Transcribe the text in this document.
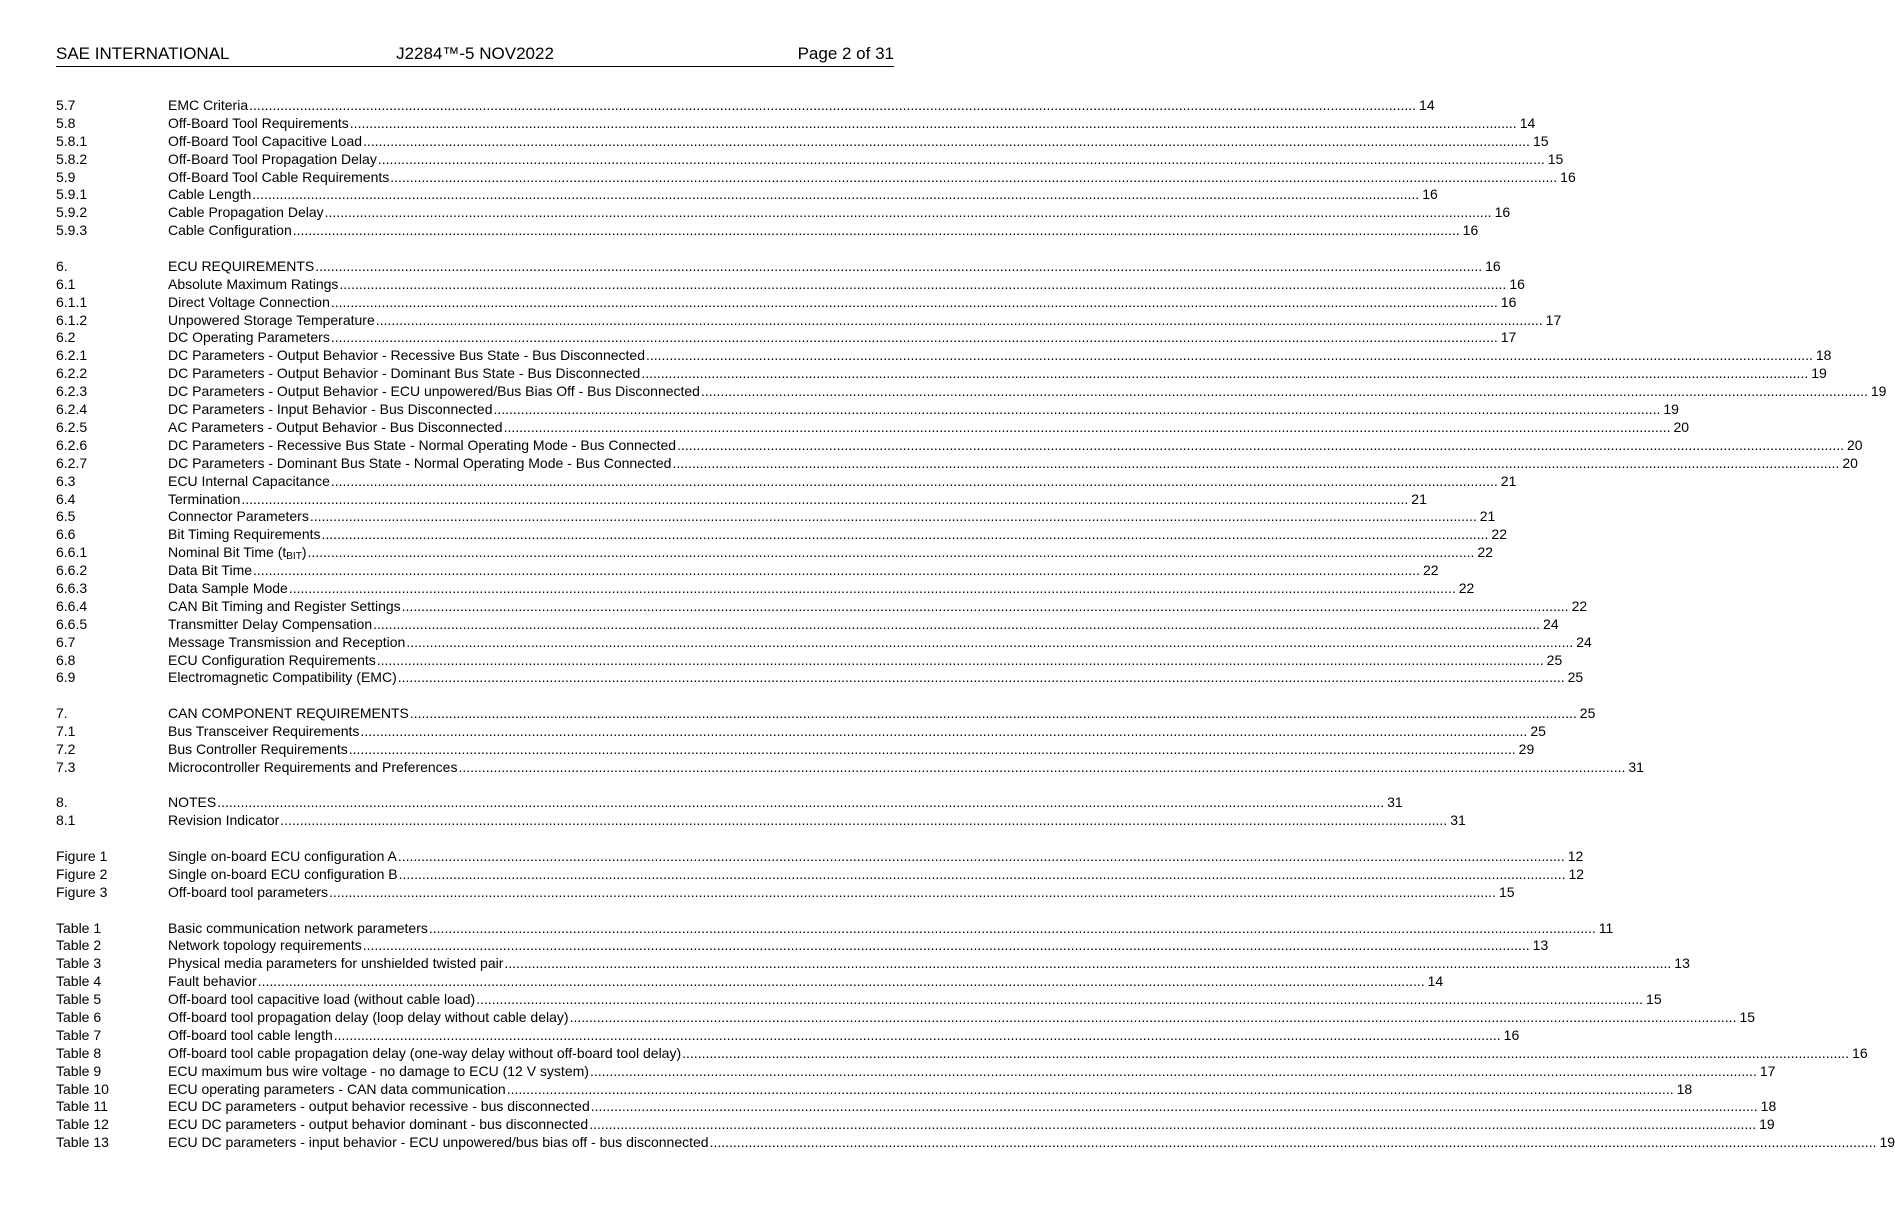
SAE INTERNATIONAL	J2284™-5 NOV2022	Page 2 of 31
5.7	EMC Criteria ............................................................................................................................................................................................................................................................................................................ 14
5.8	Off-Board Tool Requirements ............................................................................................................................................................................................................................................................................................................ 14
5.8.1	Off-Board Tool Capacitive Load ............................................................................................................................................................................................................................................................................................................ 15
5.8.2	Off-Board Tool Propagation Delay ............................................................................................................................................................................................................................................................................................................ 15
5.9	Off-Board Tool Cable Requirements ............................................................................................................................................................................................................................................................................................................ 16
5.9.1	Cable Length ............................................................................................................................................................................................................................................................................................................ 16
5.9.2	Cable Propagation Delay ............................................................................................................................................................................................................................................................................................................ 16
5.9.3	Cable Configuration ............................................................................................................................................................................................................................................................................................................ 16
6.	ECU REQUIREMENTS ............................................................................................................................................................................................................................................................................................................ 16
6.1	Absolute Maximum Ratings ............................................................................................................................................................................................................................................................................................................ 16
6.1.1	Direct Voltage Connection ............................................................................................................................................................................................................................................................................................................ 16
6.1.2	Unpowered Storage Temperature ............................................................................................................................................................................................................................................................................................................ 17
6.2	DC Operating Parameters ............................................................................................................................................................................................................................................................................................................ 17
6.2.1	DC Parameters - Output Behavior - Recessive Bus State - Bus Disconnected ............................................................................................................................................................................................................................................................................................................ 18
6.2.2	DC Parameters - Output Behavior - Dominant Bus State - Bus Disconnected ............................................................................................................................................................................................................................................................................................................ 19
6.2.3	DC Parameters - Output Behavior - ECU unpowered/Bus Bias Off - Bus Disconnected ............................................................................................................................................................................................................................................................................................................ 19
6.2.4	DC Parameters - Input Behavior - Bus Disconnected ............................................................................................................................................................................................................................................................................................................ 19
6.2.5	AC Parameters - Output Behavior - Bus Disconnected ............................................................................................................................................................................................................................................................................................................ 20
6.2.6	DC Parameters - Recessive Bus State - Normal Operating Mode - Bus Connected ............................................................................................................................................................................................................................................................................................................ 20
6.2.7	DC Parameters - Dominant Bus State - Normal Operating Mode - Bus Connected ............................................................................................................................................................................................................................................................................................................ 20
6.3	ECU Internal Capacitance ............................................................................................................................................................................................................................................................................................................ 21
6.4	Termination ............................................................................................................................................................................................................................................................................................................ 21
6.5	Connector Parameters ............................................................................................................................................................................................................................................................................................................ 21
6.6	Bit Timing Requirements ............................................................................................................................................................................................................................................................................................................ 22
6.6.1	Nominal Bit Time $(t_{BIT})$ ............................................................................................................................................................................................................................................................................................................ 22
6.6.2	Data Bit Time ............................................................................................................................................................................................................................................................................................................ 22
6.6.3	Data Sample Mode ............................................................................................................................................................................................................................................................................................................ 22
6.6.4	CAN Bit Timing and Register Settings ............................................................................................................................................................................................................................................................................................................ 22
6.6.5	Transmitter Delay Compensation ............................................................................................................................................................................................................................................................................................................ 24
6.7	Message Transmission and Reception ............................................................................................................................................................................................................................................................................................................ 24
6.8	ECU Configuration Requirements ............................................................................................................................................................................................................................................................................................................ 25
6.9	Electromagnetic Compatibility (EMC) ............................................................................................................................................................................................................................................................................................................ 25
7.	CAN COMPONENT REQUIREMENTS ............................................................................................................................................................................................................................................................................................................ 25
7.1	Bus Transceiver Requirements ............................................................................................................................................................................................................................................................................................................ 25
7.2	Bus Controller Requirements ............................................................................................................................................................................................................................................................................................................ 29
7.3	Microcontroller Requirements and Preferences ............................................................................................................................................................................................................................................................................................................ 31
8.	NOTES ............................................................................................................................................................................................................................................................................................................ 31
8.1	Revision Indicator ............................................................................................................................................................................................................................................................................................................ 31
Figure 1	Single on-board ECU configuration A ............................................................................................................................................................................................................................................................................................................ 12
Figure 2	Single on-board ECU configuration B ............................................................................................................................................................................................................................................................................................................ 12
Figure 3	Off-board tool parameters ............................................................................................................................................................................................................................................................................................................ 15
Table 1	Basic communication network parameters ............................................................................................................................................................................................................................................................................................................ 11
Table 2	Network topology requirements ............................................................................................................................................................................................................................................................................................................ 13
Table 3	Physical media parameters for unshielded twisted pair ............................................................................................................................................................................................................................................................................................................ 13
Table 4	Fault behavior ............................................................................................................................................................................................................................................................................................................ 14
Table 5	Off-board tool capacitive load (without cable load) ............................................................................................................................................................................................................................................................................................................ 15
Table 6	Off-board tool propagation delay (loop delay without cable delay) ............................................................................................................................................................................................................................................................................................................ 15
Table 7	Off-board tool cable length ............................................................................................................................................................................................................................................................................................................ 16
Table 8	Off-board tool cable propagation delay (one-way delay without off-board tool delay) ............................................................................................................................................................................................................................................................................................................ 16
Table 9	ECU maximum bus wire voltage - no damage to ECU (12 V system) ............................................................................................................................................................................................................................................................................................................ 17
Table 10	ECU operating parameters - CAN data communication ............................................................................................................................................................................................................................................................................................................ 18
Table 11	ECU DC parameters - output behavior recessive - bus disconnected ............................................................................................................................................................................................................................................................................................................ 18
Table 12	ECU DC parameters - output behavior dominant - bus disconnected ............................................................................................................................................................................................................................................................................................................ 19
Table 13	ECU DC parameters - input behavior - ECU unpowered/bus bias off - bus disconnected ............................................................................................................................................................................................................................................................................................................ 19
